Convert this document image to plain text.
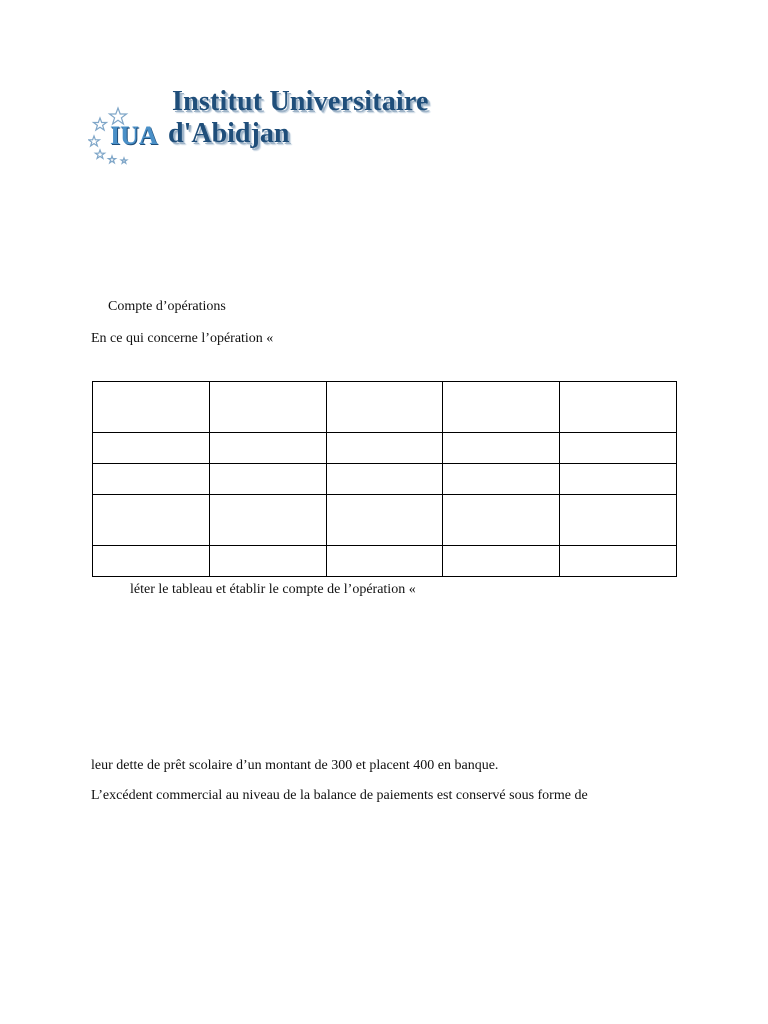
IUA
Institut Universitaire
d'Abidjan
Compte d’opérations
En ce qui concerne l’opération «

léter le tableau et établir le compte de l’opération «
leur dette de prêt scolaire d’un montant de 300 et placent 400 en banque.
L’excédent commercial au niveau de la balance de paiements est conservé sous forme de
